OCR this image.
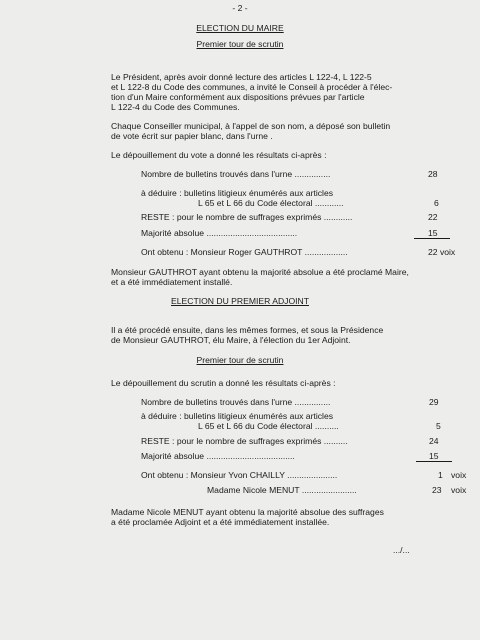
- 2 -
ELECTION DU MAIRE
Premier tour de scrutin
Le Président, après avoir donné lecture des articles L 122-4, L 122-5
et L 122-8 du Code des communes, a invité le Conseil à procéder à l'élec-
tion d'un Maire conformément aux dispositions prévues par l'article
L 122-4 du Code des Communes.
Chaque Conseiller municipal, à l'appel de son nom, a déposé son bulletin
de vote écrit sur papier blanc, dans l'urne .
Le dépouillement du vote a donné les résultats ci-après :
Nombre de bulletins trouvés dans l'urne ...............	28
à déduire : bulletins litigieux énumérés aux articles
L 65 et L 66 du Code électoral ............	6
RESTE : pour le nombre de suffrages exprimés ............	22
Majorité absolue ......................................	15
Ont obtenu : Monsieur Roger GAUTHROT ..................	22 voix
Monsieur GAUTHROT ayant obtenu la majorité absolue a été proclamé Maire,
et a été immédiatement installé.
ELECTION DU PREMIER ADJOINT
Il a été procédé ensuite, dans les mêmes formes, et sous la Présidence
de Monsieur GAUTHROT, élu Maire, à l'élection du 1er Adjoint.
Premier tour de scrutin
Le dépouillement du scrutin a donné les résultats ci-après :
Nombre de bulletins trouvés dans l'urne ...............	29
à déduire : bulletins litigieux énumérés aux articles
L 65 et L 66 du Code électoral ..........	5
RESTE : pour le nombre de suffrages exprimés ..........	24
Majorité absolue .....................................	15
Ont obtenu : Monsieur Yvon CHAILLY .....................	1 voix
Madame Nicole MENUT .......................	23 voix
Madame Nicole MENUT ayant obtenu la majorité absolue des suffrages
a été proclamée Adjoint et a été immédiatement installée.
.../...
